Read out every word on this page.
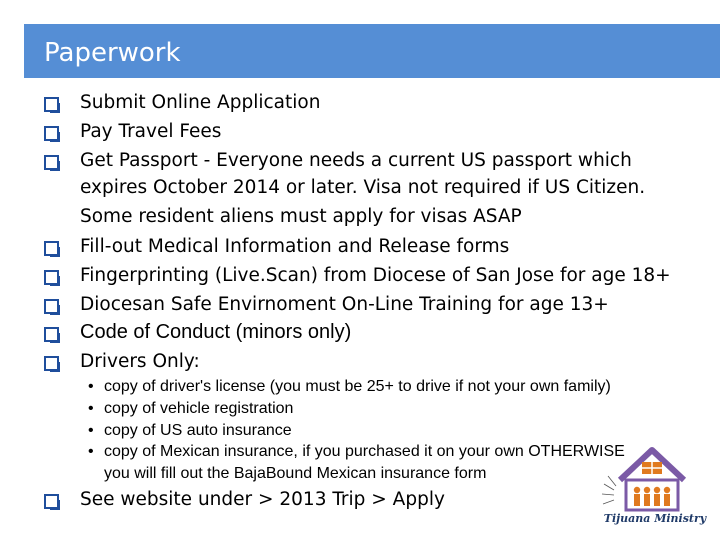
Paperwork
Submit Online Application
Pay Travel Fees
Get Passport - Everyone needs a current US passport which
expires October 2014 or later. Visa not required if US Citizen.
Some resident aliens must apply for visas ASAP
Fill-out Medical Information and Release forms
Fingerprinting (Live.Scan) from Diocese of San Jose for age 18+
Diocesan Safe Envirnoment On-Line Training for age 13+
Code of Conduct (minors only)
Drivers Only:
• copy of driver's license (you must be 25+ to drive if not your own family)
• copy of vehicle registration
• copy of US auto insurance
• copy of Mexican insurance, if you purchased it on your own OTHERWISE
you will fill out the BajaBound Mexican insurance form
See website under > 2013 Trip > Apply
Tijuana Ministry
